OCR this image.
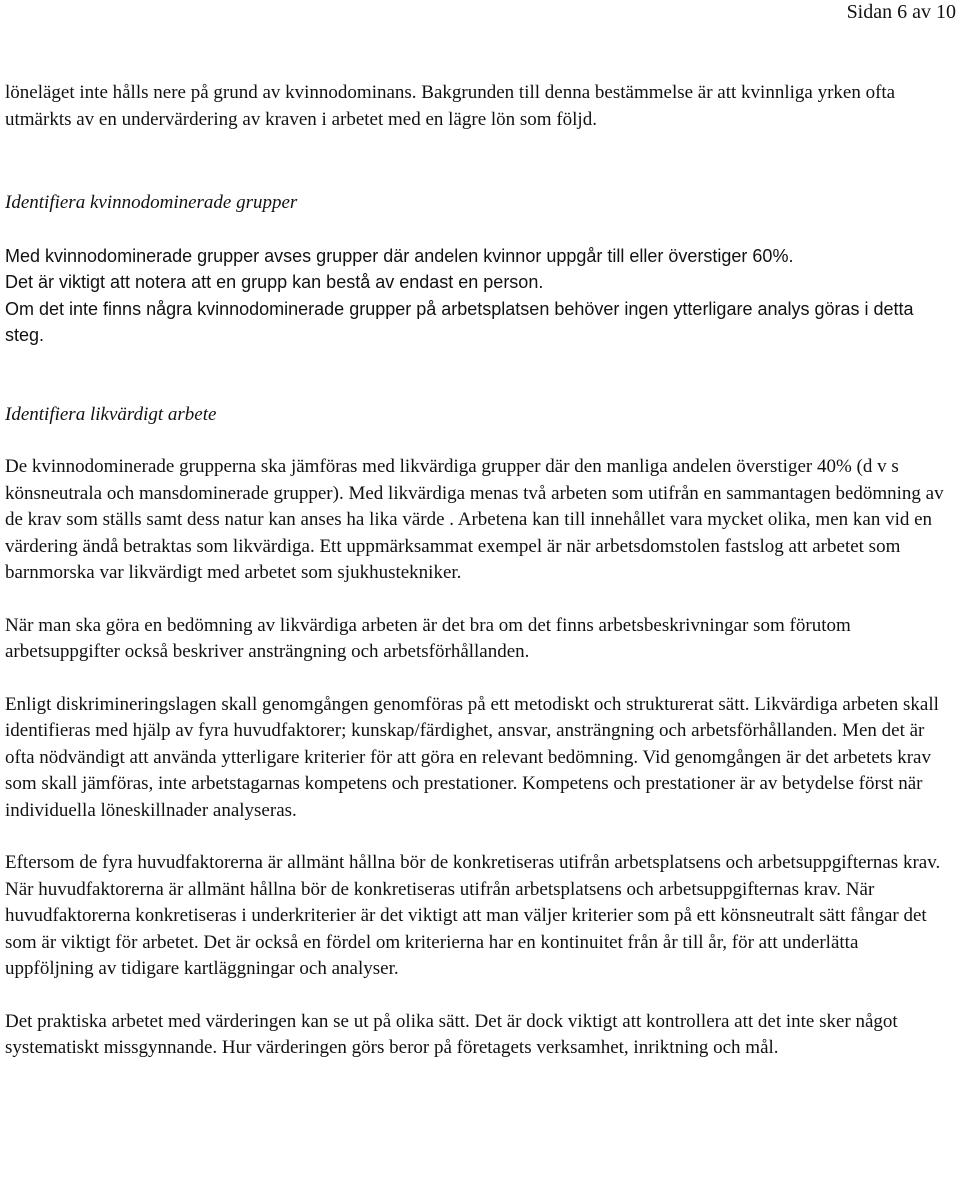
Sidan 6 av 10

löneläget inte hålls nere på grund av kvinnodominans. Bakgrunden till denna bestämmelse är att kvinnliga yrken ofta utmärkts av en undervärdering av kraven i arbetet med en lägre lön som följd.

Identifiera kvinnodominerade grupper

Med kvinnodominerade grupper avses grupper där andelen kvinnor uppgår till eller överstiger 60%.

Det är viktigt att notera att en grupp kan bestå av endast en person.

Om det inte finns några kvinnodominerade grupper på arbetsplatsen behöver ingen ytterligare analys göras i detta steg.

Identifiera likvärdigt arbete

De kvinnodominerade grupperna ska jämföras med likvärdiga grupper där den manliga andelen överstiger 40% (d v s könsneutrala och mansdominerade grupper). Med likvärdiga menas två arbeten som utifrån en sammantagen bedömning av de krav som ställs samt dess natur kan anses ha lika värde . Arbetena kan till innehållet vara mycket olika, men kan vid en värdering ändå betraktas som likvärdiga. Ett uppmärksammat exempel är när arbetsdomstolen fastslog att arbetet som barnmorska var likvärdigt med arbetet som sjukhustekniker.

När man ska göra en bedömning av likvärdiga arbeten är det bra om det finns arbetsbeskrivningar som förutom arbetsuppgifter också beskriver ansträngning och arbetsförhållanden.

Enligt diskrimineringslagen skall genomgången genomföras på ett metodiskt och strukturerat sätt. Likvärdiga arbeten skall identifieras med hjälp av fyra huvudfaktorer; kunskap/färdighet, ansvar, ansträngning och arbetsförhållanden. Men det är ofta nödvändigt att använda ytterligare kriterier för att göra en relevant bedömning. Vid genomgången är det arbetets krav som skall jämföras, inte arbetstagarnas kompetens och prestationer. Kompetens och prestationer är av betydelse först när individuella löneskillnader analyseras.

Eftersom de fyra huvudfaktorerna är allmänt hållna bör de konkretiseras utifrån arbetsplatsens och arbetsuppgifternas krav. När huvudfaktorerna är allmänt hållna bör de konkretiseras utifrån arbetsplatsens och arbetsuppgifternas krav. När huvudfaktorerna konkretiseras i underkriterier är det viktigt att man väljer kriterier som på ett könsneutralt sätt fångar det som är viktigt för arbetet. Det är också en fördel om kriterierna har en kontinuitet från år till år, för att underlätta uppföljning av tidigare kartläggningar och analyser.

Det praktiska arbetet med värderingen kan se ut på olika sätt. Det är dock viktigt att kontrollera att det inte sker något systematiskt missgynnande. Hur värderingen görs beror på företagets verksamhet, inriktning och mål.
